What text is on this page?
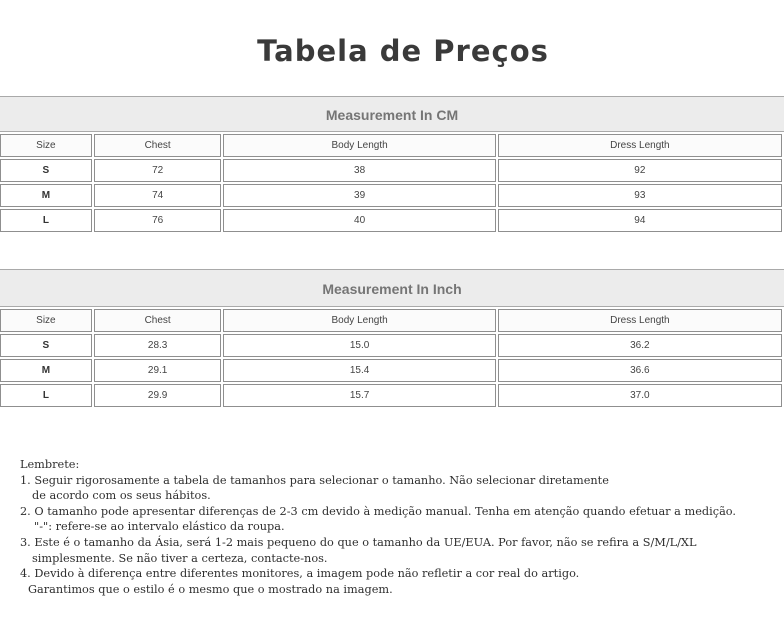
Tabela de Preços
Measurement In CM
Size	Chest	Body Length	Dress Length
S	72	38	92
M	74	39	93
L	76	40	94
Measurement In Inch
Size	Chest	Body Length	Dress Length
S	28.3	15.0	36.2
M	29.1	15.4	36.6
L	29.9	15.7	37.0
Lembrete:
1. Seguir rigorosamente a tabela de tamanhos para selecionar o tamanho. Não selecionar diretamente
de acordo com os seus hábitos.
2. O tamanho pode apresentar diferenças de 2-3 cm devido à medição manual. Tenha em atenção quando efetuar a medição.
"-": refere-se ao intervalo elástico da roupa.
3. Este é o tamanho da Ásia, será 1-2 mais pequeno do que o tamanho da UE/EUA. Por favor, não se refira a S/M/L/XL
simplesmente. Se não tiver a certeza, contacte-nos.
4. Devido à diferença entre diferentes monitores, a imagem pode não refletir a cor real do artigo.
Garantimos que o estilo é o mesmo que o mostrado na imagem.
